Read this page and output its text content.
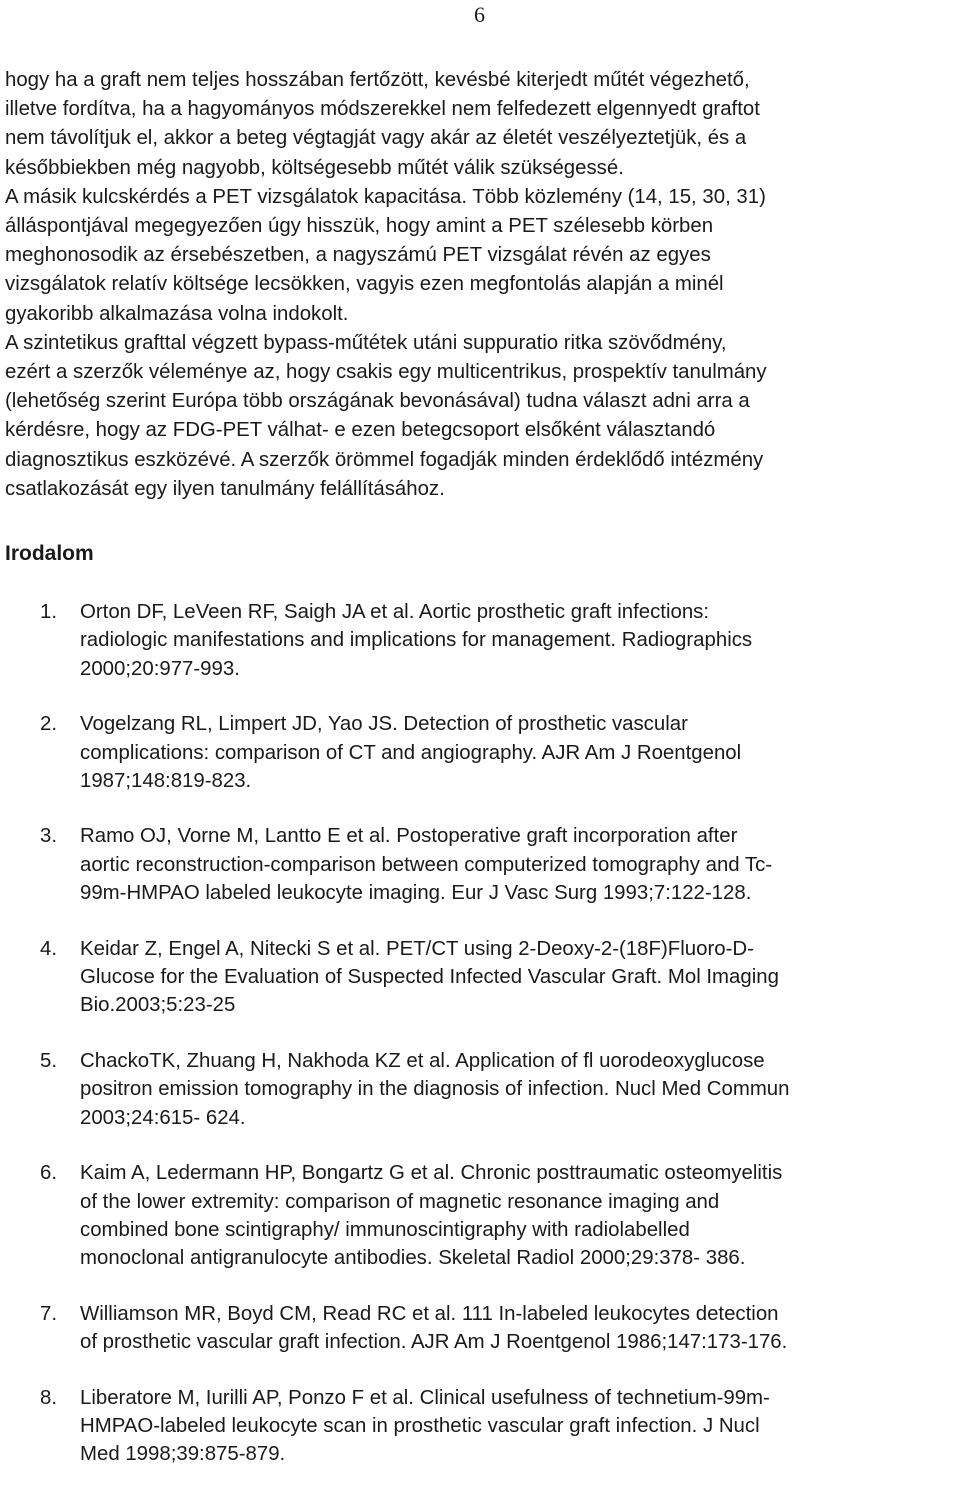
6

hogy ha a graft nem teljes hosszában fertőzött, kevésbé kiterjedt műtét végezhető,

illetve fordítva, ha a hagyományos módszerekkel nem felfedezett elgennyedt graftot

nem távolítjuk el, akkor a beteg végtagját vagy akár az életét veszélyeztetjük, és a

későbbiekben még nagyobb, költségesebb műtét válik szükségessé.

A másik kulcskérdés a PET vizsgálatok kapacitása. Több közlemény (14, 15, 30, 31)

álláspontjával megegyezően úgy hisszük, hogy amint a PET szélesebb körben

meghonosodik az érsebészetben, a nagyszámú PET vizsgálat révén az egyes

vizsgálatok relatív költsége lecsökken, vagyis ezen megfontolás alapján a minél

gyakoribb alkalmazása volna indokolt.

A szintetikus grafttal végzett bypass-műtétek utáni suppuratio ritka szövődmény,

ezért a szerzők véleménye az, hogy csakis egy multicentrikus, prospektív tanulmány

(lehetőség szerint Európa több országának bevonásával) tudna választ adni arra a

kérdésre, hogy az FDG-PET válhat- e ezen betegcsoport elsőként választandó

diagnosztikus eszközévé. A szerzők örömmel fogadják minden érdeklődő intézmény

csatlakozását egy ilyen tanulmány felállításához.

Irodalom
1. Orton DF, LeVeen RF, Saigh JA et al. Aortic prosthetic graft infections:
radiologic manifestations and implications for management. Radiographics
2000;20:977-993.
2. Vogelzang RL, Limpert JD, Yao JS. Detection of prosthetic vascular
complications: comparison of CT and angiography. AJR Am J Roentgenol
1987;148:819-823.
3. Ramo OJ, Vorne M, Lantto E et al. Postoperative graft incorporation after
aortic reconstruction-comparison between computerized tomography and Tc-
99m-HMPAO labeled leukocyte imaging. Eur J Vasc Surg 1993;7:122-128.
4. Keidar Z, Engel A, Nitecki S et al. PET/CT using 2-Deoxy-2-(18F)Fluoro-D-
Glucose for the Evaluation of Suspected Infected Vascular Graft. Mol Imaging
Bio.2003;5:23-25
5. ChackoTK, Zhuang H, Nakhoda KZ et al. Application of fl uorodeoxyglucose
positron emission tomography in the diagnosis of infection. Nucl Med Commun
2003;24:615- 624.
6. Kaim A, Ledermann HP, Bongartz G et al. Chronic posttraumatic osteomyelitis
of the lower extremity: comparison of magnetic resonance imaging and
combined bone scintigraphy/ immunoscintigraphy with radiolabelled
monoclonal antigranulocyte antibodies. Skeletal Radiol 2000;29:378- 386.
7. Williamson MR, Boyd CM, Read RC et al. 111 In-labeled leukocytes detection
of prosthetic vascular graft infection. AJR Am J Roentgenol 1986;147:173-176.
8. Liberatore M, Iurilli AP, Ponzo F et al. Clinical usefulness of technetium-99m-
HMPAO-labeled leukocyte scan in prosthetic vascular graft infection. J Nucl
Med 1998;39:875-879.
